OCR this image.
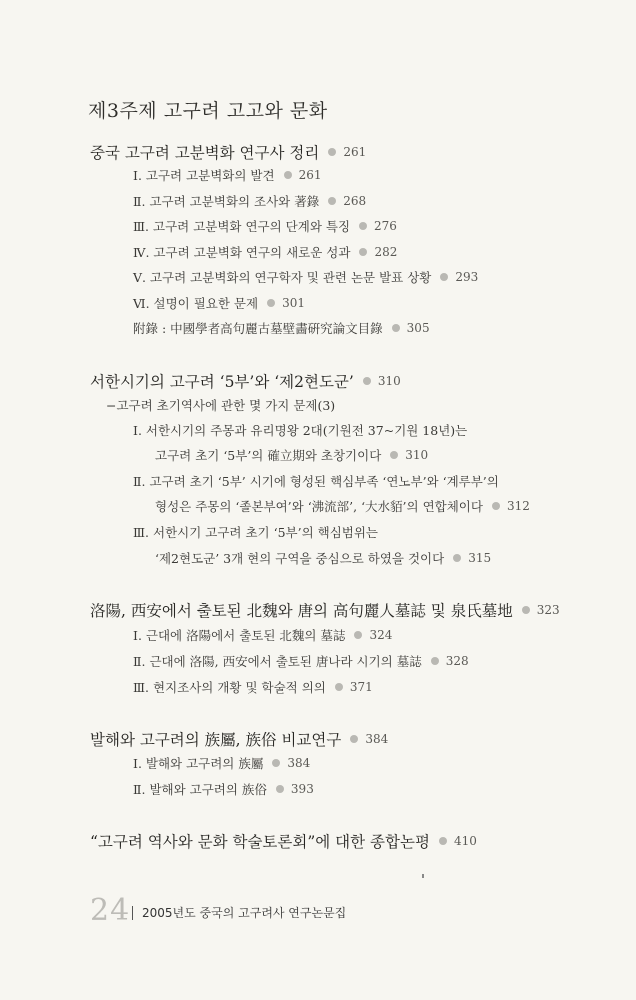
제3주제 고구려 고고와 문화
중국 고구려 고분벽화 연구사 정리 261
Ⅰ. 고구려 고분벽화의 발견 261
Ⅱ. 고구려 고분벽화의 조사와 著錄 268
Ⅲ. 고구려 고분벽화 연구의 단계와 특징 276
Ⅳ. 고구려 고분벽화 연구의 새로운 성과 282
Ⅴ. 고구려 고분벽화의 연구학자 및 관련 논문 발표 상황 293
Ⅵ. 설명이 필요한 문제 301
附錄 : 中國學者高句麗古墓壁畵硏究論文目錄 305
서한시기의 고구려 ‘5부’와 ‘제2현도군’ 310
−고구려 초기역사에 관한 몇 가지 문제(3)
Ⅰ. 서한시기의 주몽과 유리명왕 2대(기원전 37~기원 18년)는
고구려 초기 ‘5부’의 確立期와 초창기이다 310
Ⅱ. 고구려 초기 ‘5부’ 시기에 형성된 핵심부족 ‘연노부’와 ‘계루부’의
형성은 주몽의 ‘졸본부여’와 ‘沸流部’, ‘大水貊’의 연합체이다 312
Ⅲ. 서한시기 고구려 초기 ‘5부’의 핵심범위는
‘제2현도군’ 3개 현의 구역을 중심으로 하였을 것이다 315
洛陽, 西安에서 출토된 北魏와 唐의 高句麗人墓誌 및 泉氏墓地 323
Ⅰ. 근대에 洛陽에서 출토된 北魏의 墓誌 324
Ⅱ. 근대에 洛陽, 西安에서 출토된 唐나라 시기의 墓誌 328
Ⅲ. 현지조사의 개황 및 학술적 의의 371
발해와 고구려의 族屬, 族俗 비교연구 384
Ⅰ. 발해와 고구려의 族屬 384
Ⅱ. 발해와 고구려의 族俗 393
“고구려 역사와 문화 학술토론회”에 대한 종합논평 410
24 2005년도 중국의 고구려사 연구논문집
